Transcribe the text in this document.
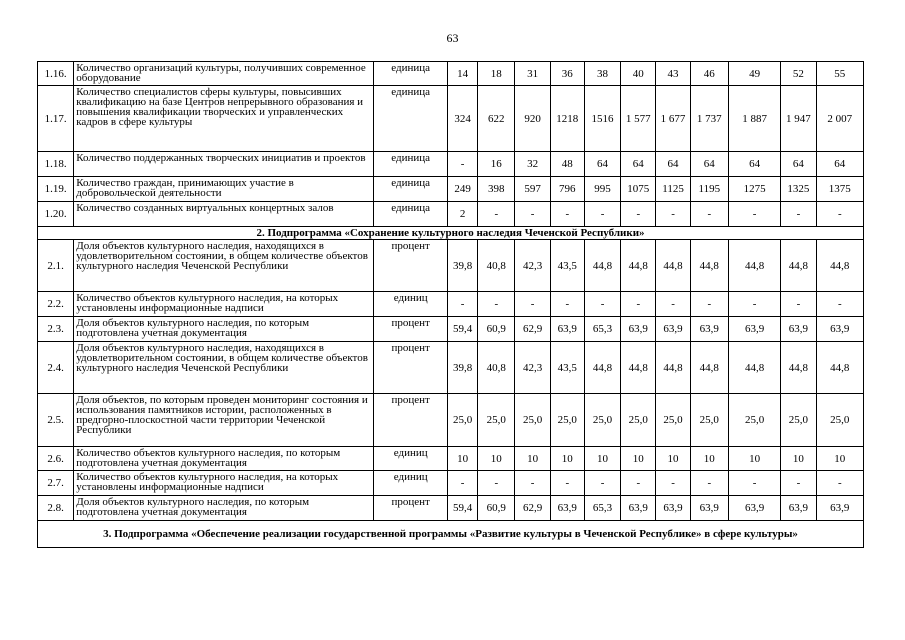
63
1.16.	Количество организаций культуры, получивших современное оборудование	единица	14	18	31	36	38	40	43	46	49	52	55
1.17.	Количество специалистов сферы культуры, повысивших квалификацию на базе Центров непрерывного образования и повышения квалификации творческих и управленческих кадров в сфере культуры	единица	324	622	920	1218	1516	1 577	1 677	1 737	1 887	1 947	2 007
1.18.	Количество поддержанных творческих инициатив и проектов	единица	-	16	32	48	64	64	64	64	64	64	64
1.19.	Количество граждан, принимающих участие в добровольческой деятельности	единица	249	398	597	796	995	1075	1125	1195	1275	1325	1375
1.20.	Количество созданных виртуальных концертных залов	единица	2	-	-	-	-	-	-	-	-	-	-
2. Подпрограмма «Сохранение культурного наследия Чеченской Республики»													
2.1.	Доля объектов культурного наследия, находящихся в удовлетворительном состоянии, в общем количестве объектов культурного наследия Чеченской Республики	процент	39,8	40,8	42,3	43,5	44,8	44,8	44,8	44,8	44,8	44,8	44,8
2.2.	Количество объектов культурного наследия, на которых установлены информационные надписи	единиц	-	-	-	-	-	-	-	-	-	-	-
2.3.	Доля объектов культурного наследия, по которым подготовлена учетная документация	процент	59,4	60,9	62,9	63,9	65,3	63,9	63,9	63,9	63,9	63,9	63,9
2.4.	Доля объектов культурного наследия, находящихся в удовлетворительном состоянии, в общем количестве объектов культурного наследия Чеченской Республики	процент	39,8	40,8	42,3	43,5	44,8	44,8	44,8	44,8	44,8	44,8	44,8
2.5.	Доля объектов, по которым проведен мониторинг состояния и использования памятников истории, расположенных в предгорно-плоскостной части территории Чеченской Республики	процент	25,0	25,0	25,0	25,0	25,0	25,0	25,0	25,0	25,0	25,0	25,0
2.6.	Количество объектов культурного наследия, по которым подготовлена учетная документация	единиц	10	10	10	10	10	10	10	10	10	10	10
2.7.	Количество объектов культурного наследия, на которых установлены информационные надписи	единиц	-	-	-	-	-	-	-	-	-	-	-
2.8.	Доля объектов культурного наследия, по которым подготовлена учетная документация	процент	59,4	60,9	62,9	63,9	65,3	63,9	63,9	63,9	63,9	63,9	63,9
3. Подпрограмма «Обеспечение реализации государственной программы «Развитие культуры в Чеченской Республике» в сфере культуры»													
